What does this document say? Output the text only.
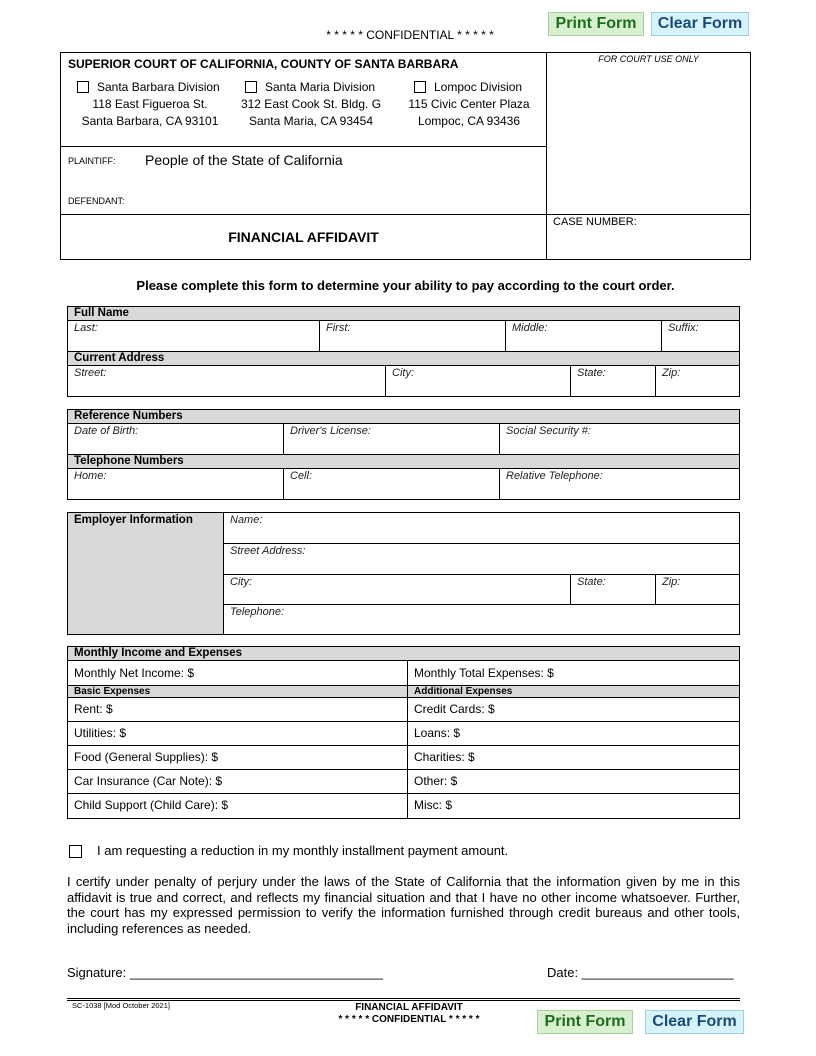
* * * * * CONFIDENTIAL * * * * *
Print Form	Clear Form
SUPERIOR COURT OF CALIFORNIA, COUNTY OF SANTA BARBARA	FOR COURT USE ONLY
Santa Barbara Division
118 East Figueroa St.
Santa Barbara, CA 93101
Santa Maria Division
312 East Cook St. Bldg. G
Santa Maria, CA 93454
Lompoc Division
115 Civic Center Plaza
Lompoc, CA 93436
PLAINTIFF: People of the State of California
DEFENDANT:
FINANCIAL AFFIDAVIT
CASE NUMBER:
Please complete this form to determine your ability to pay according to the court order.
Full Name
Last:	First:	Middle:	Suffix:
Current Address
Street:	City:	State:	Zip:
Reference Numbers
Date of Birth:	Driver's License:	Social Security #:
Telephone Numbers
Home:	Cell:	Relative Telephone:
Employer Information	Name:
Street Address:
City:	State:	Zip:
Telephone:
Monthly Income and Expenses
Monthly Net Income: $	Monthly Total Expenses: $
Basic Expenses	Additional Expenses
Rent: $	Credit Cards: $
Utilities: $	Loans: $
Food (General Supplies): $	Charities: $
Car Insurance (Car Note): $	Other: $
Child Support (Child Care): $	Misc: $
I am requesting a reduction in my monthly installment payment amount.
I certify under penalty of perjury under the laws of the State of California that the information given by me in this affidavit is true and correct, and reflects my financial situation and that I have no other income whatsoever. Further, the court has my expressed permission to verify the information furnished through credit bureaus and other tools, including references as needed.
Signature: ___________________________________	Date: _____________________
SC-1038 [Mod October 2021]	FINANCIAL AFFIDAVIT
* * * * * CONFIDENTIAL * * * * *	Print Form	Clear Form
